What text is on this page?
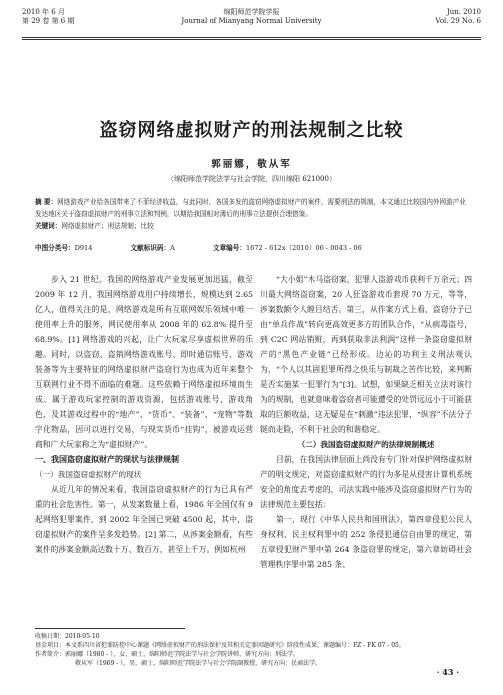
2010 年 6 月
第 29 卷 第 6 期
绵阳师范学院学报
Journal of Mianyang Normal University
Jun. 2010
Vol. 29 No. 6
盗窃网络虚拟财产的刑法规制之比较
郭丽娜，敬从军
（绵阳师范学院法学与社会学院，四川绵阳 621000）
摘 要：网络游戏产业给各国带来了不菲经济收益，与此同时，各国多发的盗窃网络虚拟财产的案件，需要刑法的规制，本文通过比较国内外网游产业发达地区关于盗窃虚拟财产的刑事立法和判例，以期给我国相对薄后的刑事立法提供合理借鉴。
关键词：网络虚拟财产；刑法规制；比较
中图分类号：D914	文献标识码：A	文章编号：1672 - 612x（2010）06 - 0043 - 06

步入 21 世纪，我国的网络游戏产业发展更加迅猛，截至 2009 年 12 月，我国网络游戏用户持续增长，规模达到 2.65 亿人，值得关注的是，网络游戏是所有互联网娱乐领域中唯一使用率上升的服务，网民使用率从 2008 年的 62.8% 提升至 68.9%。[1] 网络游戏的兴起，让广大玩家尽享虚拟世界的乐趣。同时，以盗窃、盗销网络游戏账号、即时通信账号、游戏装备等为主要特征的网络虚拟财产盗窃行为也成为近年来整个互联网行业不得不面临的难题。这些依赖于网络虚拟环境而生成、属于游戏玩家控制的游戏资源，包括游戏账号、游戏角色，及其游戏过程中的“地产”、“货币”、“装备”、“宠物”等数字化物品，因可以进行交易，与现实货币“挂钩”，被游戏运营商和广大玩家称之为“虚拟财产”。

一、我国盗窃虚拟财产的现状与法律规制

（一）我国盗窃虚拟财产的现状

从近几年的情况来看，我国盗窃虚拟财产的行为已具有严重的社会危害性。第一，从发案数量上看，1986 年全国仅有 9 起网络犯罪案件，到 2002 年全国已突破 4500 起，其中，盗窃虚拟财产的案件呈多发趋势。[2] 第二，从涉案金额看，有些案件的涉案金额高达数十万、数百万，甚至上千万。例如杭州

“大小姐”木马盗窃案，犯罪人盗游戏币获利千万余元；四川最大网络盗窃案，20 人狂盗游戏币套现 70 万元，等等，涉案数额令人瞠目结舌。第三，从作案方式上看，盗窃分子已由“单兵作战”转向更高效更多方的团队合作，“从病毒盗号，到 C2C 网站销赃，再到获取非法利润”这样一条盗窃虚拟财产的“黑色产业链”已经形成。边沁的功利主义刑法观认为，“个人以其固犯罪所得之快乐与制裁之苦作比较，来判断是否实施某一犯罪行为”[3]。试想，如果缺乏相关立法对该行为的规制，也就意味着盗窃者可能遭受的处罚远远小于可能获取的巨额收益，这无疑是在“刺激”违法犯罪，“纵容”不法分子铤而走险，不利于社会的和谐稳定。

（二）我国盗窃虚拟财产的法律规制概述

目前，在我国法律层面上尚没有专门针对保护网络虚拟财产的明文规定，对盗窃虚拟财产的行为多是从侵害计算机系统安全的角度去考虑的，司法实践中能涉及盗窃虚拟财产行为的法律规范主要包括：

第一，现行《中华人民共和国刑法》，第四章侵犯公民人身权利、民主权利罪中的 252 条侵犯通信自由罪的规定，第五章侵犯财产罪中第 264 条盗窃罪的规定，第六章妨碍社会管理秩序罪中第 285 条、

收稿日期：2010-05-10
基金项目：本文系四川省犯罪防控中心课题《网络虚拟财产的刑法保护及其相关定罪问题研究》阶段性成果，课题编号：FZ - FK 07 - 05。
作者简介：郭丽娜（1980 - ），女，硕士，绵阳师范学院法学与社会学院讲师，研究方向：刑法学。
敬从军（1969 - ），男，硕士，绵阳师范学院法学与社会学院副教授，研究方向：民商法学。
· 43 ·
